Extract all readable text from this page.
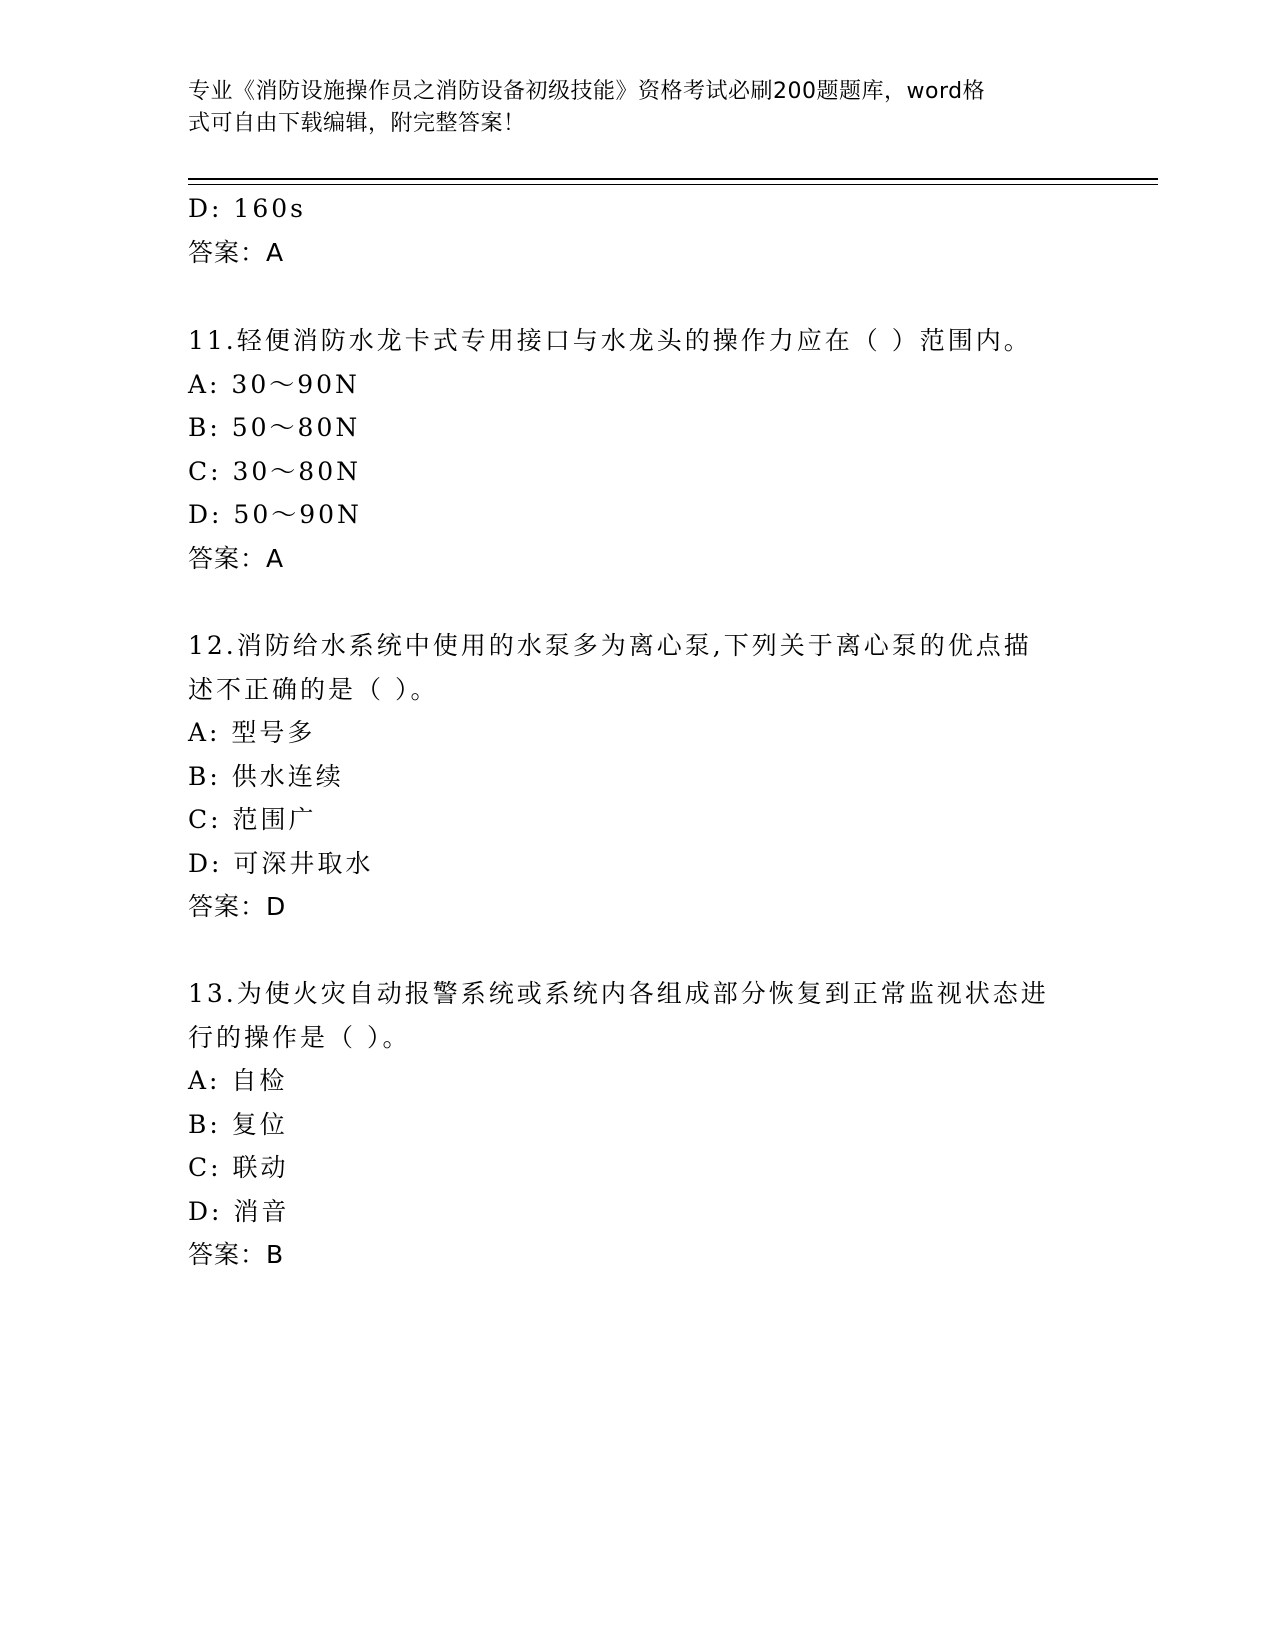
专业《消防设施操作员之消防设备初级技能》资格考试必刷200题题库，word格
式可自由下载编辑，附完整答案！
D: 160s
答案：A
11.轻便消防水龙卡式专用接口与水龙头的操作力应在（ ）范围内。
A: 30～90N
B: 50～80N
C: 30～80N
D: 50～90N
答案：A
12.消防给水系统中使用的水泵多为离心泵,下列关于离心泵的优点描
述不正确的是（ ）。
A: 型号多
B: 供水连续
C: 范围广
D: 可深井取水
答案：D
13.为使火灾自动报警系统或系统内各组成部分恢复到正常监视状态进
行的操作是（ ）。
A: 自检
B: 复位
C: 联动
D: 消音
答案：B
